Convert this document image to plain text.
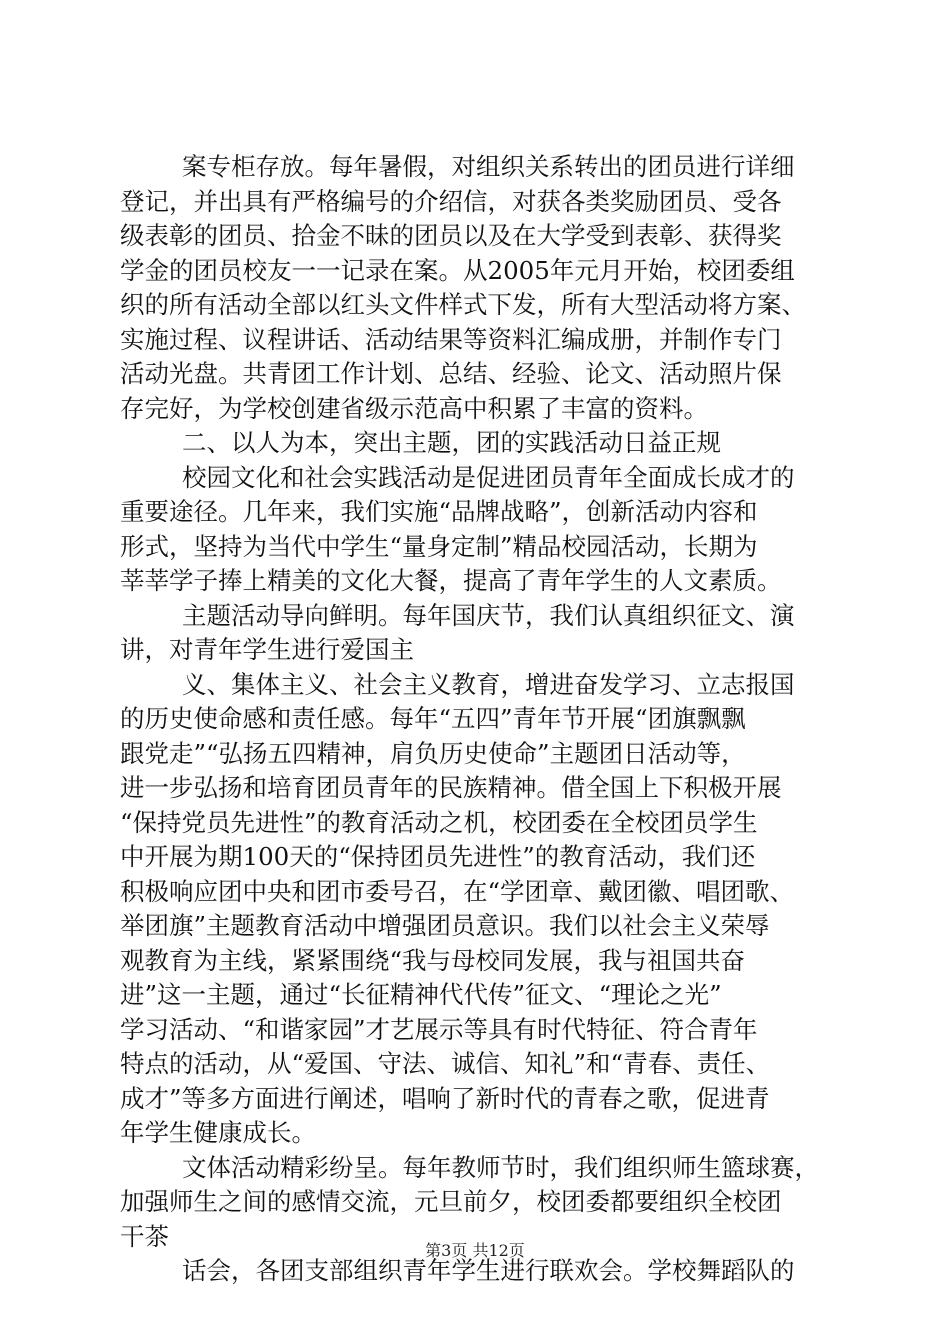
案专柜存放。每年暑假，对组织关系转出的团员进行详细
登记，并出具有严格编号的介绍信，对获各类奖励团员、受各
级表彰的团员、拾金不昧的团员以及在大学受到表彰、获得奖
学金的团员校友一一记录在案。从2005年元月开始，校团委组
织的所有活动全部以红头文件样式下发，所有大型活动将方案、
实施过程、议程讲话、活动结果等资料汇编成册，并制作专门
活动光盘。共青团工作计划、总结、经验、论文、活动照片保
存完好，为学校创建省级示范高中积累了丰富的资料。
二、以人为本，突出主题，团的实践活动日益正规
校园文化和社会实践活动是促进团员青年全面成长成才的
重要途径。几年来，我们实施“品牌战略”，创新活动内容和
形式，坚持为当代中学生“量身定制”精品校园活动，长期为
莘莘学子捧上精美的文化大餐，提高了青年学生的人文素质。
主题活动导向鲜明。每年国庆节，我们认真组织征文、演
讲，对青年学生进行爱国主
义、集体主义、社会主义教育，增进奋发学习、立志报国
的历史使命感和责任感。每年“五四”青年节开展“团旗飘飘
跟党走”“弘扬五四精神，肩负历史使命”主题团日活动等，
进一步弘扬和培育团员青年的民族精神。借全国上下积极开展
“保持党员先进性”的教育活动之机，校团委在全校团员学生
中开展为期100天的“保持团员先进性”的教育活动，我们还
积极响应团中央和团市委号召，在“学团章、戴团徽、唱团歌、
举团旗”主题教育活动中增强团员意识。我们以社会主义荣辱
观教育为主线，紧紧围绕“我与母校同发展，我与祖国共奋
进”这一主题，通过“长征精神代代传”征文、“理论之光”
学习活动、“和谐家园”才艺展示等具有时代特征、符合青年
特点的活动，从“爱国、守法、诚信、知礼”和“青春、责任、
成才”等多方面进行阐述，唱响了新时代的青春之歌，促进青
年学生健康成长。
文体活动精彩纷呈。每年教师节时，我们组织师生篮球赛，
加强师生之间的感情交流，元旦前夕，校团委都要组织全校团
干茶
话会，各团支部组织青年学生进行联欢会。学校舞蹈队的
第3页 共12页
